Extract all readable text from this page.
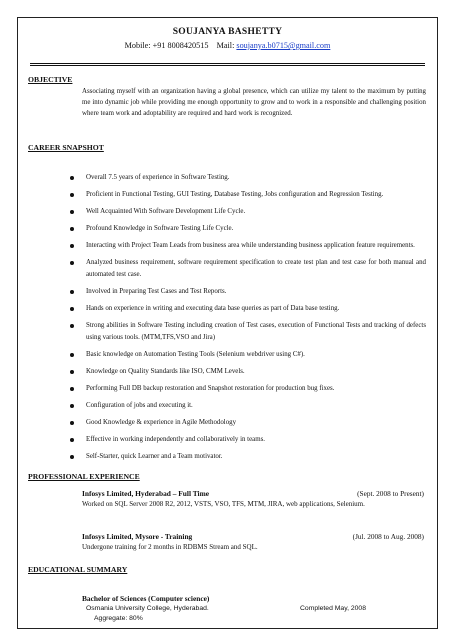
SOUJANYA BASHETTY
Mobile: +91 8008420515 Mail: soujanya.b0715@gmail.com
OBJECTIVE
Associating myself with an organization having a global presence, which can utilize my talent to the maximum by putting me into dynamic job while providing me enough opportunity to grow and to work in a responsible and challenging position where team work and adoptability are required and hard work is recognized.
CAREER SNAPSHOT
Overall 7.5 years of experience in Software Testing.
Proficient in Functional Testing, GUI Testing, Database Testing, Jobs configuration and Regression Testing.
Well Acquainted With Software Development Life Cycle.
Profound Knowledge in Software Testing Life Cycle.
Interacting with Project Team Leads from business area while understanding business application feature requirements.
Analyzed business requirement, software requirement specification to create test plan and test case for both manual and automated test case.
Involved in Preparing Test Cases and Test Reports.
Hands on experience in writing and executing data base queries as part of Data base testing.
Strong abilities in Software Testing including creation of Test cases, execution of Functional Tests and tracking of defects using various tools. (MTM,TFS,VSO and Jira)
Basic knowledge on Automation Testing Tools (Selenium webdriver using C#).
Knowledge on Quality Standards like ISO, CMM Levels.
Performing Full DB backup restoration and Snapshot restoration for production bug fixes.
Configuration of jobs and executing it.
Good Knowledge & experience in Agile Methodology
Effective in working independently and collaboratively in teams.
Self-Starter, quick Learner and a Team motivator.
PROFESSIONAL EXPERIENCE
Infosys Limited, Hyderabad – Full Time	(Sept. 2008 to Present)
Worked on SQL Server 2008 R2, 2012, VSTS, VSO, TFS, MTM, JIRA, web applications, Selenium.
Infosys Limited, Mysore - Training	(Jul. 2008 to Aug. 2008)
Undergone training for 2 months in RDBMS Stream and SQL.
EDUCATIONAL SUMMARY
Bachelor of Sciences (Computer science)
Osmania University College, Hyderabad.	Completed May, 2008
Aggregate: 80%
